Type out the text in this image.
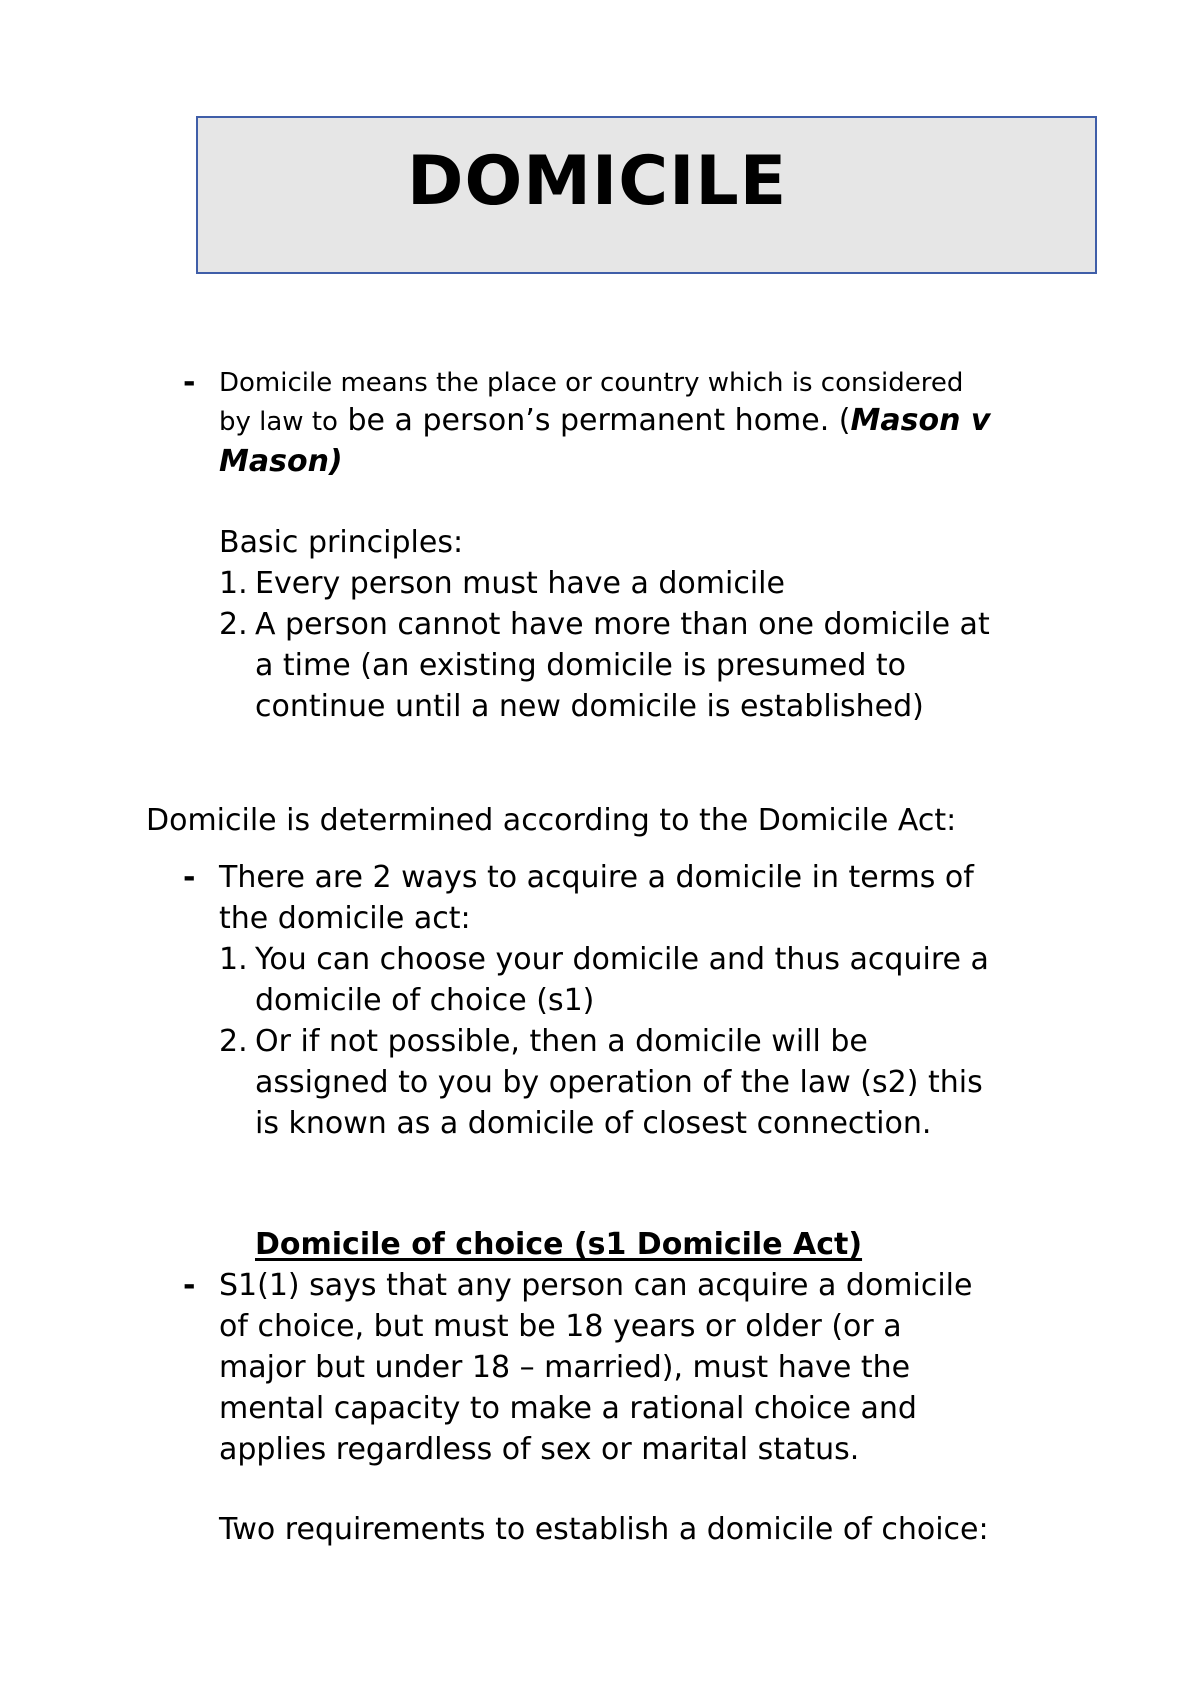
DOMICILE
- Domicile means the place or country which is considered

by law to be a person’s permanent home. (Mason v

Mason)

Basic principles:

1. Every person must have a domicile

2. A person cannot have more than one domicile at

a time (an existing domicile is presumed to

continue until a new domicile is established)

Domicile is determined according to the Domicile Act:

- There are 2 ways to acquire a domicile in terms of

the domicile act:

1. You can choose your domicile and thus acquire a

domicile of choice (s1)

2. Or if not possible, then a domicile will be

assigned to you by operation of the law (s2) this

is known as a domicile of closest connection.

Domicile of choice (s1 Domicile Act)
- S1(1) says that any person can acquire a domicile

of choice, but must be 18 years or older (or a

major but under 18 – married), must have the

mental capacity to make a rational choice and

applies regardless of sex or marital status.

Two requirements to establish a domicile of choice:
